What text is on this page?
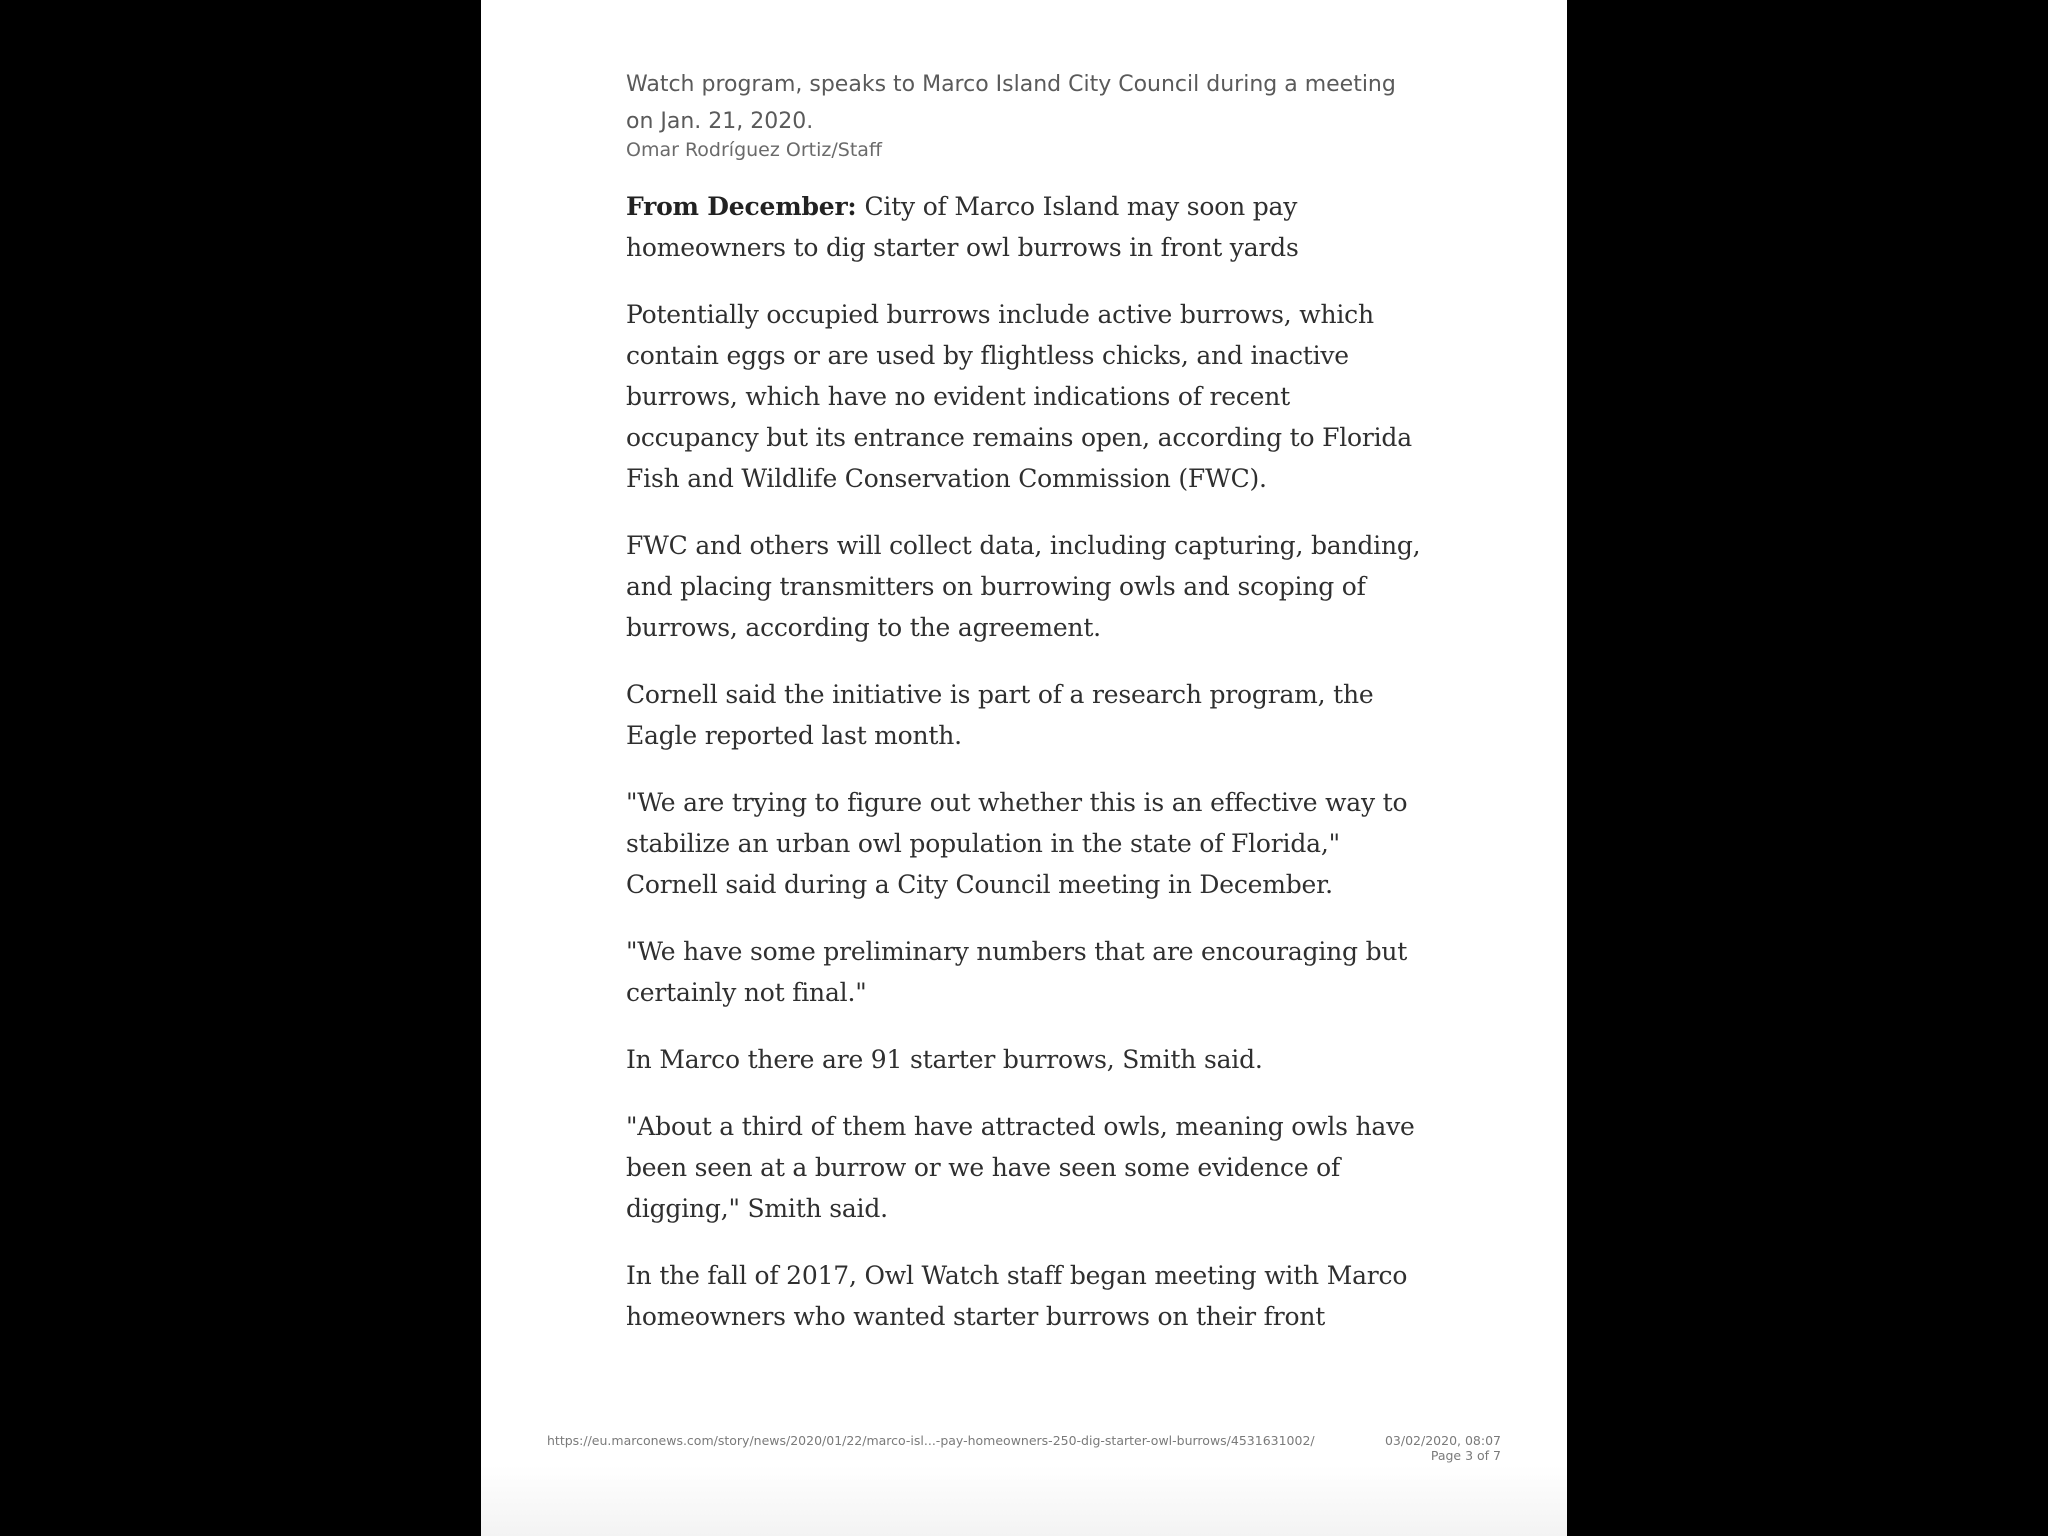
Watch program, speaks to Marco Island City Council during a meeting on Jan. 21, 2020.

Omar Rodríguez Ortiz/Staff

From December: City of Marco Island may soon pay homeowners to dig starter owl burrows in front yards

Potentially occupied burrows include active burrows, which contain eggs or are used by flightless chicks, and inactive burrows, which have no evident indications of recent occupancy but its entrance remains open, according to Florida Fish and Wildlife Conservation Commission (FWC).

FWC and others will collect data, including capturing, banding, and placing transmitters on burrowing owls and scoping of burrows, according to the agreement.

Cornell said the initiative is part of a research program, the Eagle reported last month.

"We are trying to figure out whether this is an effective way to stabilize an urban owl population in the state of Florida," Cornell said during a City Council meeting in December.

"We have some preliminary numbers that are encouraging but certainly not final."

In Marco there are 91 starter burrows, Smith said.

"About a third of them have attracted owls, meaning owls have been seen at a burrow or we have seen some evidence of digging," Smith said.

In the fall of 2017, Owl Watch staff began meeting with Marco homeowners who wanted starter burrows on their front

https://eu.marconews.com/story/news/2020/01/22/marco-isl...-pay-homeowners-250-dig-starter-owl-burrows/4531631002/	03/02/2020, 08:07
Page 3 of 7
